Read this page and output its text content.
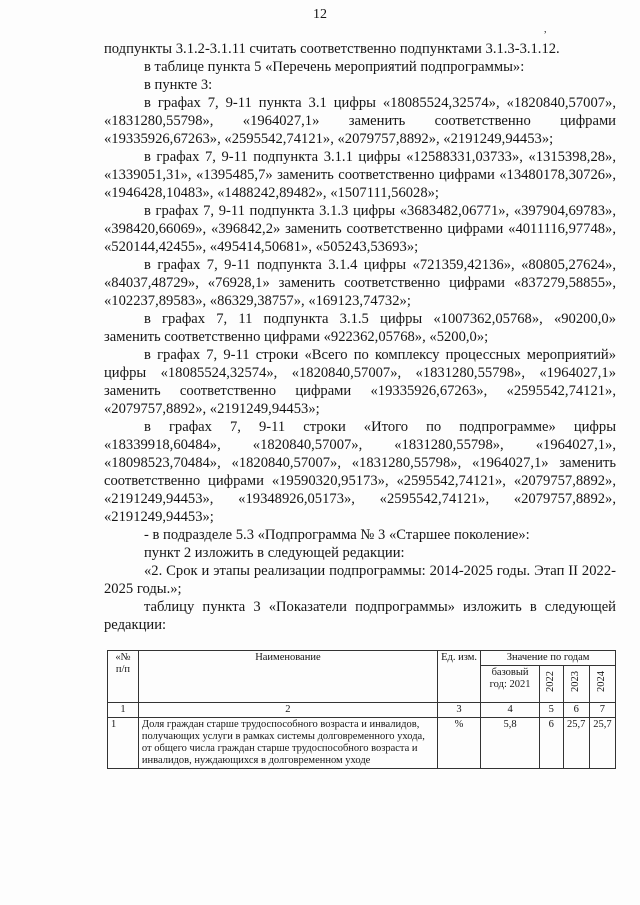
12
,

подпункты 3.1.2-3.1.11 считать соответственно подпунктами 3.1.3-3.1.12.

в таблице пункта 5 «Перечень мероприятий подпрограммы»:

в пункте 3:

в графах 7, 9-11 пункта 3.1 цифры «18085524,32574», «1820840,57007», «1831280,55798», «1964027,1» заменить соответственно цифрами «19335926,67263», «2595542,74121», «2079757,8892», «2191249,94453»;

в графах 7, 9-11 подпункта 3.1.1 цифры «12588331,03733», «1315398,28», «1339051,31», «1395485,7» заменить соответственно цифрами «13480178,30726», «1946428,10483», «1488242,89482», «1507111,56028»;

в графах 7, 9-11 подпункта 3.1.3 цифры «3683482,06771», «397904,69783», «398420,66069», «396842,2» заменить соответственно цифрами «4011116,97748», «520144,42455», «495414,50681», «505243,53693»;

в графах 7, 9-11 подпункта 3.1.4 цифры «721359,42136», «80805,27624», «84037,48729», «76928,1» заменить соответственно цифрами «837279,58855», «102237,89583», «86329,38757», «169123,74732»;

в графах 7, 11 подпункта 3.1.5 цифры «1007362,05768», «90200,0» заменить соответственно цифрами «922362,05768», «5200,0»;

в графах 7, 9-11 строки «Всего по комплексу процессных мероприятий» цифры «18085524,32574», «1820840,57007», «1831280,55798», «1964027,1» заменить соответственно цифрами «19335926,67263», «2595542,74121», «2079757,8892», «2191249,94453»;

в графах 7, 9-11 строки «Итого по подпрограмме» цифры «18339918,60484», «1820840,57007», «1831280,55798», «1964027,1», «18098523,70484», «1820840,57007», «1831280,55798», «1964027,1» заменить соответственно цифрами «19590320,95173», «2595542,74121», «2079757,8892», «2191249,94453», «19348926,05173», «2595542,74121», «2079757,8892», «2191249,94453»;

- в подразделе 5.3 «Подпрограмма № 3 «Старшее поколение»:

пункт 2 изложить в следующей редакции:

«2. Срок и этапы реализации подпрограммы: 2014-2025 годы. Этап II 2022-2025 годы.»;

таблицу пункта 3 «Показатели подпрограммы» изложить в следующей редакции:

«№ п/п	Наименование	Ед. изм.	Значение по годам			
			базовый год: 2021	2022	2023	2024

1	2	3	4	5	6	7
1	Доля граждан старше трудоспособного возраста и инвалидов, получающих услуги в рамках системы долговременного ухода, от общего числа граждан старше трудоспособного возраста и инвалидов, нуждающихся в долговременном уходе	%	5,8	6	25,7	25,7
